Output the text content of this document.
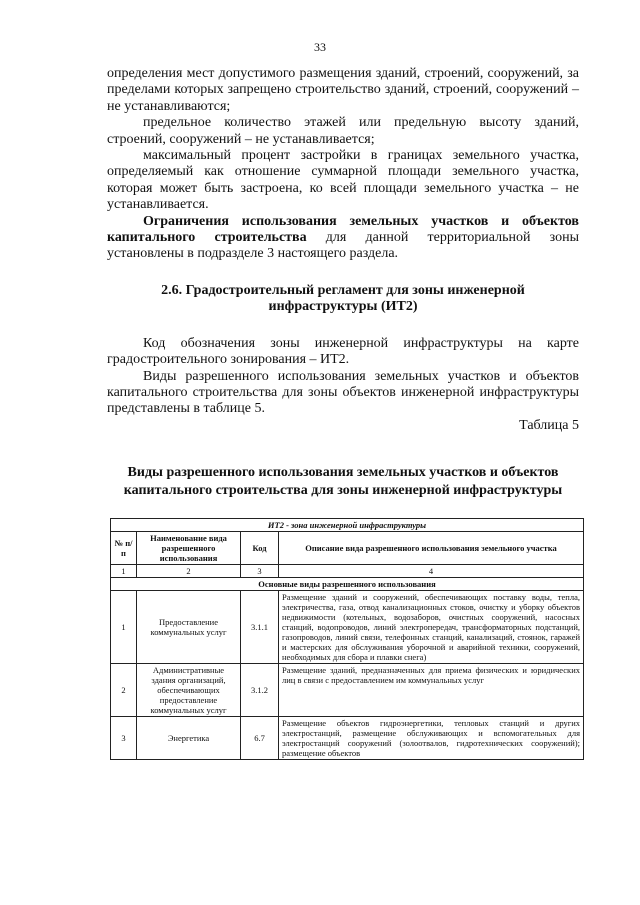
33

определения мест допустимого размещения зданий, строений, сооружений, за пределами которых запрещено строительство зданий, строений, сооружений – не устанавливаются;

предельное количество этажей или предельную высоту зданий, строений, сооружений – не устанавливается;

максимальный процент застройки в границах земельного участка, определяемый как отношение суммарной площади земельного участка, которая может быть застроена, ко всей площади земельного участка – не устанавливается.

Ограничения использования земельных участков и объектов капитального строительства для данной территориальной зоны установлены в подразделе 3 настоящего раздела.

2.6. Градостроительный регламент для зоны инженерной инфраструктуры (ИТ2)

Код обозначения зоны инженерной инфраструктуры на карте градостроительного зонирования – ИТ2.

Виды разрешенного использования земельных участков и объектов капитального строительства для зоны объектов инженерной инфраструктуры представлены в таблице 5.

Таблица 5
Виды разрешенного использования земельных участков и объектов капитального строительства для зоны инженерной инфраструктуры
ИТ2 - зона инженерной инфраструктуры			
№ п/п	Наименование вида разрешенного использования	Код	Описание вида разрешенного использования земельного участка
1	2	3	4
Основные виды разрешенного использования			
1	Предоставление коммунальных услуг	3.1.1	Размещение зданий и сооружений, обеспечивающих поставку воды, тепла, электричества, газа, отвод канализационных стоков, очистку и уборку объектов недвижимости (котельных, водозаборов, очистных сооружений, насосных станций, водопроводов, линий электропередач, трансформаторных подстанций, газопроводов, линий связи, телефонных станций, канализаций, стоянок, гаражей и мастерских для обслуживания уборочной и аварийной техники, сооружений, необходимых для сбора и плавки снега)
2	Административные здания организаций, обеспечивающих предоставление коммунальных услуг	3.1.2	Размещение зданий, предназначенных для приема физических и юридических лиц в связи с предоставлением им коммунальных услуг
3	Энергетика	6.7	Размещение объектов гидроэнергетики, тепловых станций и других электростанций, размещение обслуживающих и вспомогательных для электростанций сооружений (золоотвалов, гидротехнических сооружений); размещение объектов
